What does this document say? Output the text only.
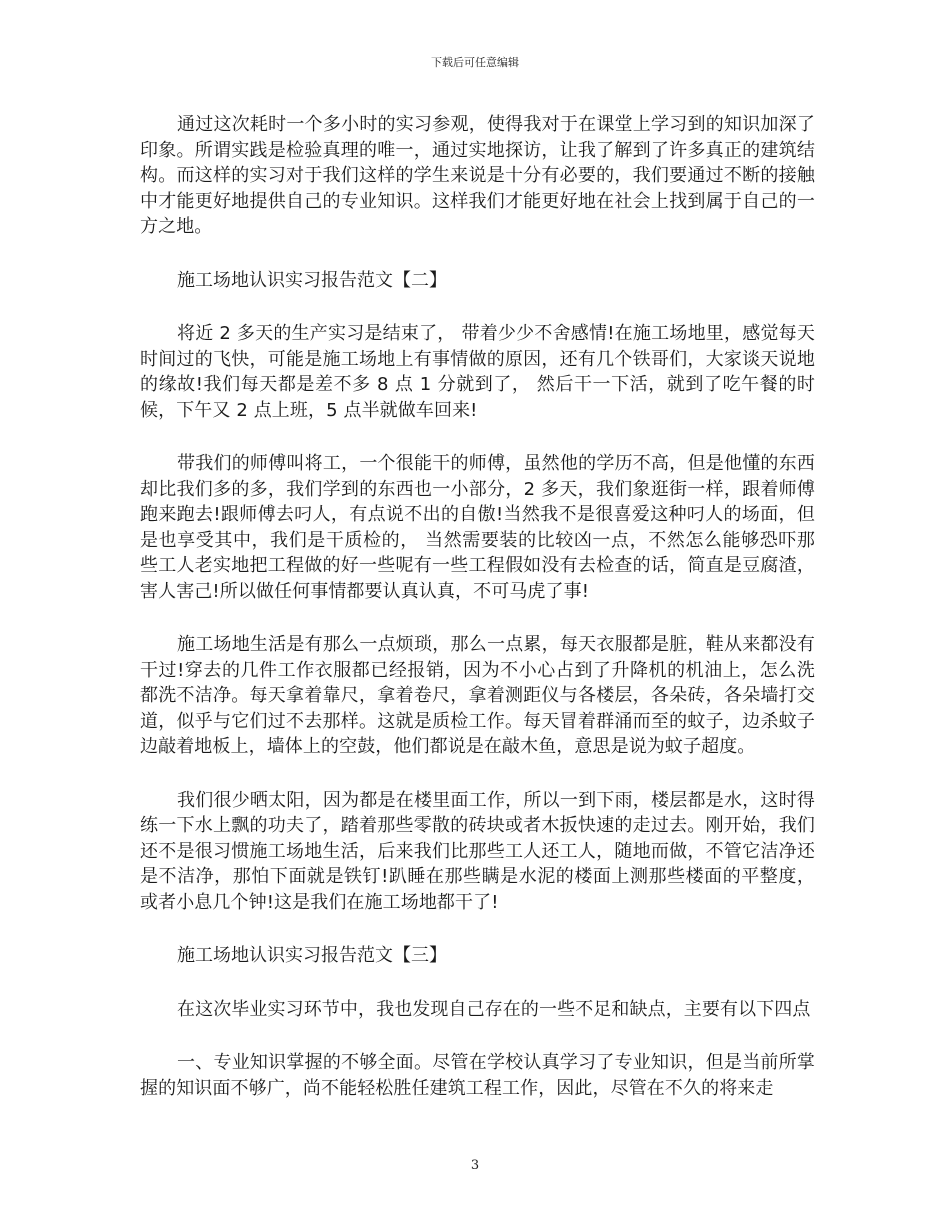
下载后可任意编辑

通过这次耗时一个多小时的实习参观，使得我对于在课堂上学习到的知识加深了印象。所谓实践是检验真理的唯一，通过实地探访，让我了解到了许多真正的建筑结构。而这样的实习对于我们这样的学生来说是十分有必要的，我们要通过不断的接触中才能更好地提供自己的专业知识。这样我们才能更好地在社会上找到属于自己的一方之地。

施工场地认识实习报告范文【二】

将近 2 多天的生产实习是结束了， 带着少少不舍感情!在施工场地里，感觉每天时间过的飞快，可能是施工场地上有事情做的原因，还有几个铁哥们，大家谈天说地的缘故!我们每天都是差不多 8 点 1 分就到了， 然后干一下活，就到了吃午餐的时候，下午又 2 点上班，5 点半就做车回来!

带我们的师傅叫将工，一个很能干的师傅，虽然他的学历不高，但是他懂的东西却比我们多的多，我们学到的东西也一小部分，2 多天，我们象逛街一样，跟着师傅跑来跑去!跟师傅去叼人，有点说不出的自傲!当然我不是很喜爱这种叼人的场面，但是也享受其中，我们是干质检的， 当然需要装的比较凶一点，不然怎么能够恐吓那些工人老实地把工程做的好一些呢有一些工程假如没有去检查的话，简直是豆腐渣，害人害己!所以做任何事情都要认真认真，不可马虎了事!

施工场地生活是有那么一点烦琐，那么一点累，每天衣服都是脏，鞋从来都没有干过!穿去的几件工作衣服都已经报销，因为不小心占到了升降机的机油上，怎么洗都洗不洁净。每天拿着靠尺，拿着卷尺，拿着测距仪与各楼层，各朵砖，各朵墙打交道，似乎与它们过不去那样。这就是质检工作。每天冒着群涌而至的蚊子，边杀蚊子边敲着地板上，墙体上的空鼓，他们都说是在敲木鱼，意思是说为蚊子超度。

我们很少晒太阳，因为都是在楼里面工作，所以一到下雨，楼层都是水，这时得练一下水上飘的功夫了，踏着那些零散的砖块或者木扳快速的走过去。刚开始，我们还不是很习惯施工场地生活，后来我们比那些工人还工人，随地而做，不管它洁净还是不洁净，那怕下面就是铁钉!趴睡在那些瞒是水泥的楼面上测那些楼面的平整度，或者小息几个钟!这是我们在施工场地都干了!

施工场地认识实习报告范文【三】

在这次毕业实习环节中，我也发现自己存在的一些不足和缺点，主要有以下四点

一、专业知识掌握的不够全面。尽管在学校认真学习了专业知识，但是当前所掌握的知识面不够广，尚不能轻松胜任建筑工程工作，因此，尽管在不久的将来走

3
